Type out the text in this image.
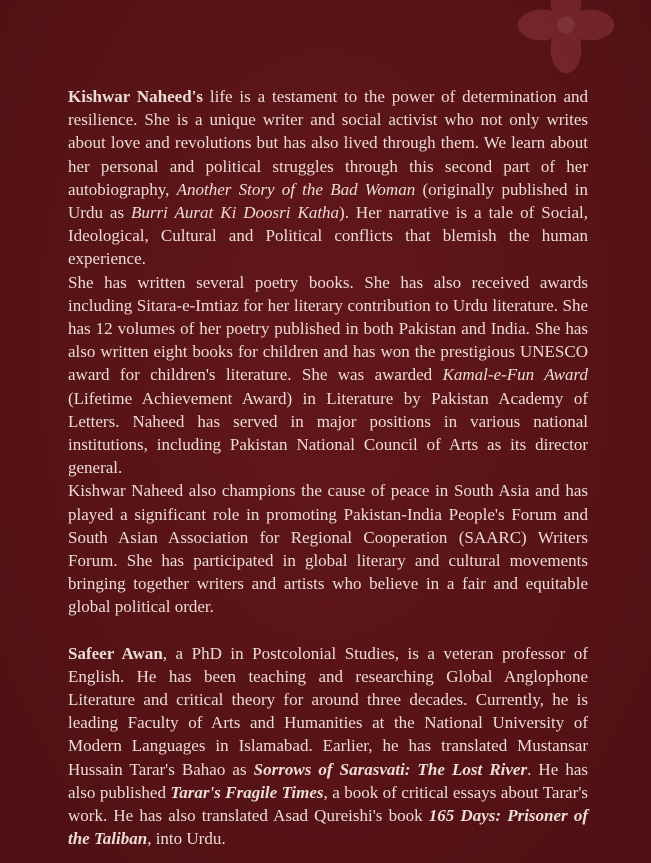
Kishwar Naheed's life is a testament to the power of determination and resilience. She is a unique writer and social activist who not only writes about love and revolutions but has also lived through them. We learn about her personal and political struggles through this second part of her autobiography, Another Story of the Bad Woman (originally published in Urdu as Burri Aurat Ki Doosri Katha). Her narrative is a tale of Social, Ideological, Cultural and Political conflicts that blemish the human experience.

She has written several poetry books. She has also received awards including Sitara-e-Imtiaz for her literary contribution to Urdu literature. She has 12 volumes of her poetry published in both Pakistan and India. She has also written eight books for children and has won the prestigious UNESCO award for children's literature. She was awarded Kamal-e-Fun Award (Lifetime Achievement Award) in Literature by Pakistan Academy of Letters. Naheed has served in major positions in various national institutions, including Pakistan National Council of Arts as its director general.

Kishwar Naheed also champions the cause of peace in South Asia and has played a significant role in promoting Pakistan-India People's Forum and South Asian Association for Regional Cooperation (SAARC) Writers Forum. She has participated in global literary and cultural movements bringing together writers and artists who believe in a fair and equitable global political order.

Safeer Awan, a PhD in Postcolonial Studies, is a veteran professor of English. He has been teaching and researching Global Anglophone Literature and critical theory for around three decades. Currently, he is leading Faculty of Arts and Humanities at the National University of Modern Languages in Islamabad. Earlier, he has translated Mustansar Hussain Tarar's Bahao as Sorrows of Sarasvati: The Lost River. He has also published Tarar's Fragile Times, a book of critical essays about Tarar's work. He has also translated Asad Qureishi's book 165 Days: Prisoner of the Taliban, into Urdu.
